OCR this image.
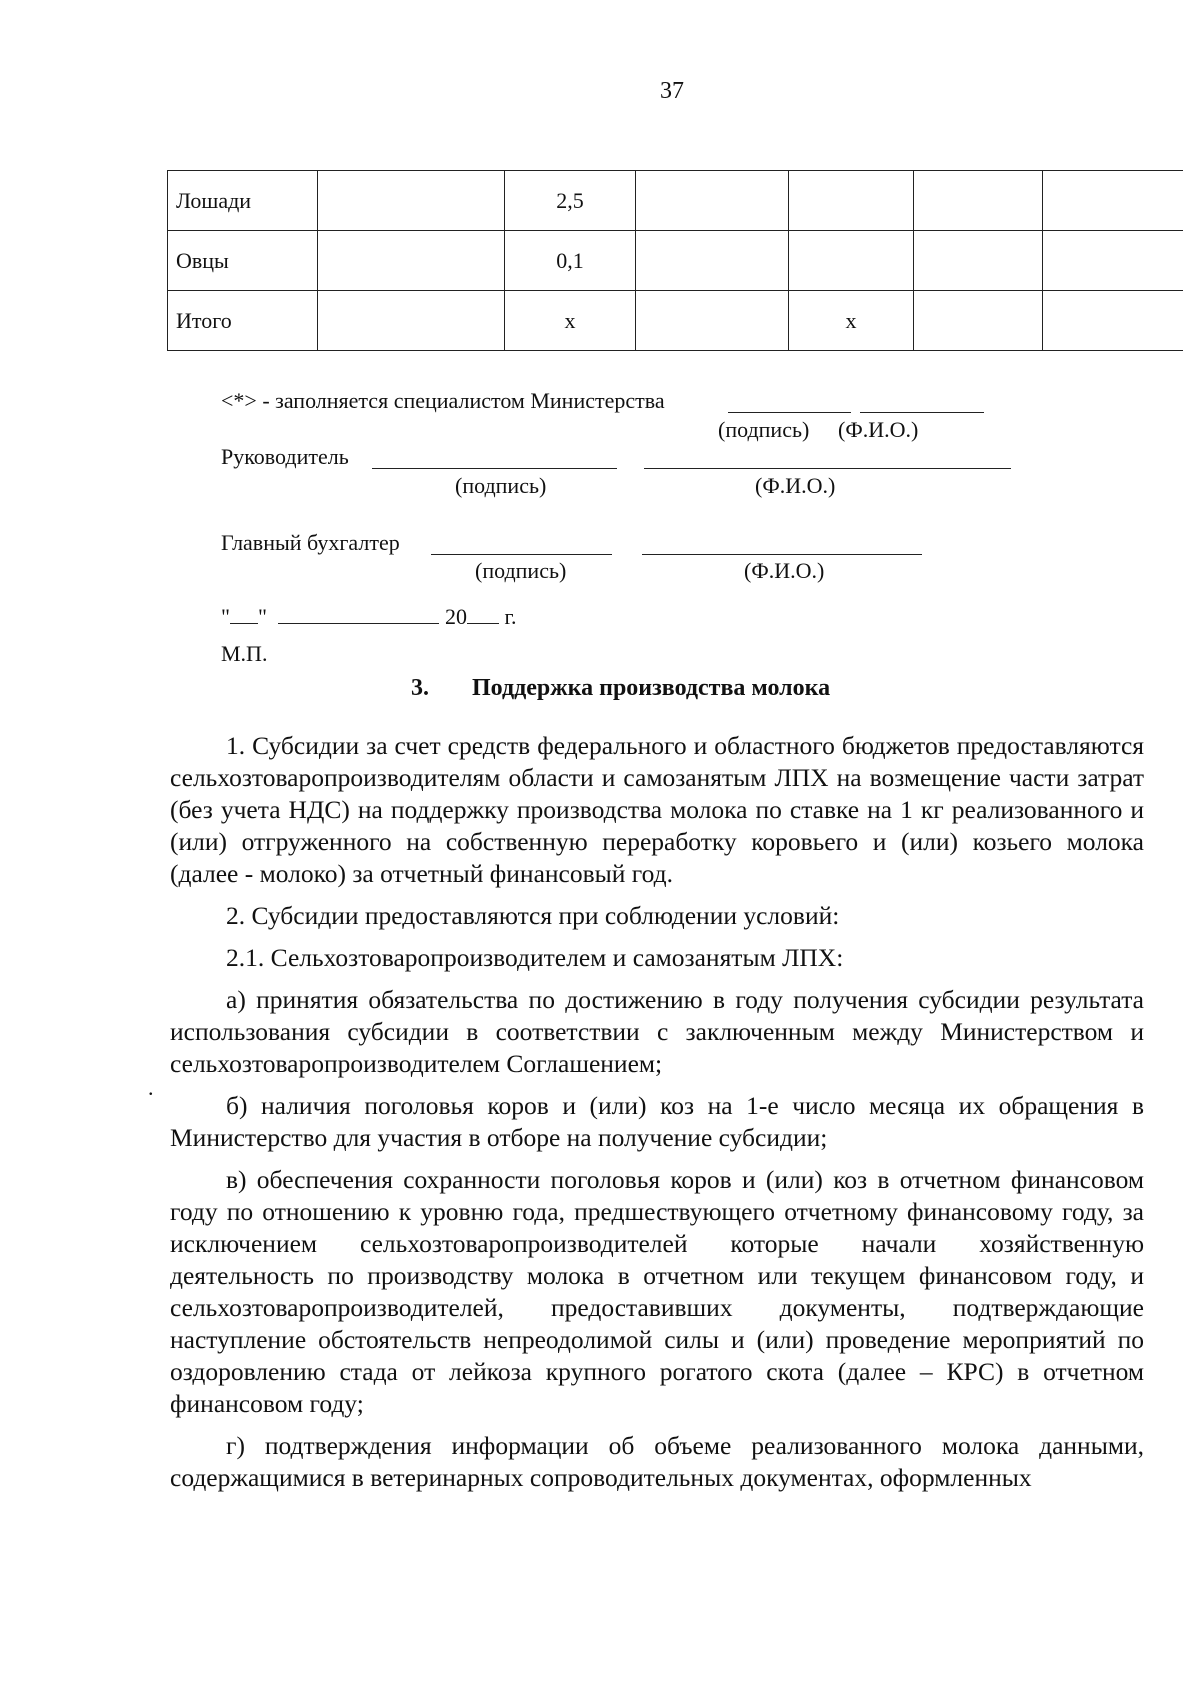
37
Лошади		2,5				
Овцы		0,1				
Итого		х		х		
<*> - заполняется специалистом Министерства
(подпись) (Ф.И.О.)
Руководитель
(подпись)	(Ф.И.О.)
Главный бухгалтер
(подпись)	(Ф.И.О.)
" "	20 г.
М.П.
3. Поддержка производства молока
.

1. Субсидии за счет средств федерального и областного бюджетов предоставляются сельхозтоваропроизводителям области и самозанятым ЛПХ на возмещение части затрат (без учета НДС) на поддержку производства молока по ставке на 1 кг реализованного и (или) отгруженного на собственную переработку коровьего и (или) козьего молока (далее - молоко) за отчетный финансовый год.

2. Субсидии предоставляются при соблюдении условий:

2.1. Сельхозтоваропроизводителем и самозанятым ЛПХ:

а) принятия обязательства по достижению в году получения субсидии результата использования субсидии в соответствии с заключенным между Министерством и сельхозтоваропроизводителем Соглашением;

б) наличия поголовья коров и (или) коз на 1-е число месяца их обращения в Министерство для участия в отборе на получение субсидии;

в) обеспечения сохранности поголовья коров и (или) коз в отчетном финансовом году по отношению к уровню года, предшествующего отчетному финансовому году, за исключением сельхозтоваропроизводителей которые начали хозяйственную деятельность по производству молока в отчетном или текущем финансовом году, и сельхозтоваропроизводителей, предоставивших документы, подтверждающие наступление обстоятельств непреодолимой силы и (или) проведение мероприятий по оздоровлению стада от лейкоза крупного рогатого скота (далее – КРС) в отчетном финансовом году;

г) подтверждения информации об объеме реализованного молока данными, содержащимися в ветеринарных сопроводительных документах, оформленных
